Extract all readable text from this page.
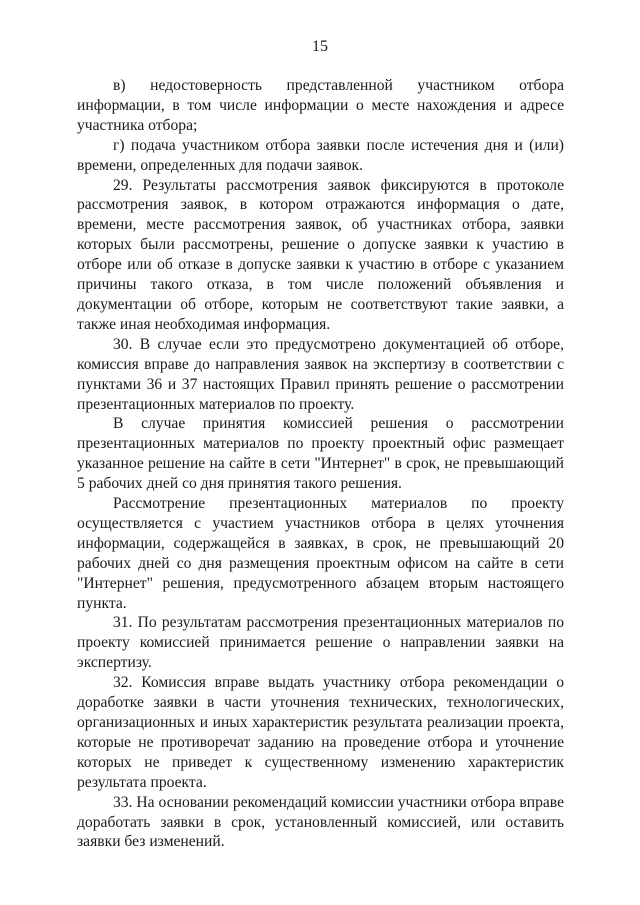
15

в) недостоверность представленной участником отбора информации, в том числе информации о месте нахождения и адресе участника отбора;

г) подача участником отбора заявки после истечения дня и (или) времени, определенных для подачи заявок.

29. Результаты рассмотрения заявок фиксируются в протоколе рассмотрения заявок, в котором отражаются информация о дате, времени, месте рассмотрения заявок, об участниках отбора, заявки которых были рассмотрены, решение о допуске заявки к участию в отборе или об отказе в допуске заявки к участию в отборе с указанием причины такого отказа, в том числе положений объявления и документации об отборе, которым не соответствуют такие заявки, а также иная необходимая информация.

30. В случае если это предусмотрено документацией об отборе, комиссия вправе до направления заявок на экспертизу в соответствии с пунктами 36 и 37 настоящих Правил принять решение о рассмотрении презентационных материалов по проекту.

В случае принятия комиссией решения о рассмотрении презентационных материалов по проекту проектный офис размещает указанное решение на сайте в сети "Интернет" в срок, не превышающий 5 рабочих дней со дня принятия такого решения.

Рассмотрение презентационных материалов по проекту осуществляется с участием участников отбора в целях уточнения информации, содержащейся в заявках, в срок, не превышающий 20 рабочих дней со дня размещения проектным офисом на сайте в сети "Интернет" решения, предусмотренного абзацем вторым настоящего пункта.

31. По результатам рассмотрения презентационных материалов по проекту комиссией принимается решение о направлении заявки на экспертизу.

32. Комиссия вправе выдать участнику отбора рекомендации о доработке заявки в части уточнения технических, технологических, организационных и иных характеристик результата реализации проекта, которые не противоречат заданию на проведение отбора и уточнение которых не приведет к существенному изменению характеристик результата проекта.

33. На основании рекомендаций комиссии участники отбора вправе доработать заявки в срок, установленный комиссией, или оставить заявки без изменений.
